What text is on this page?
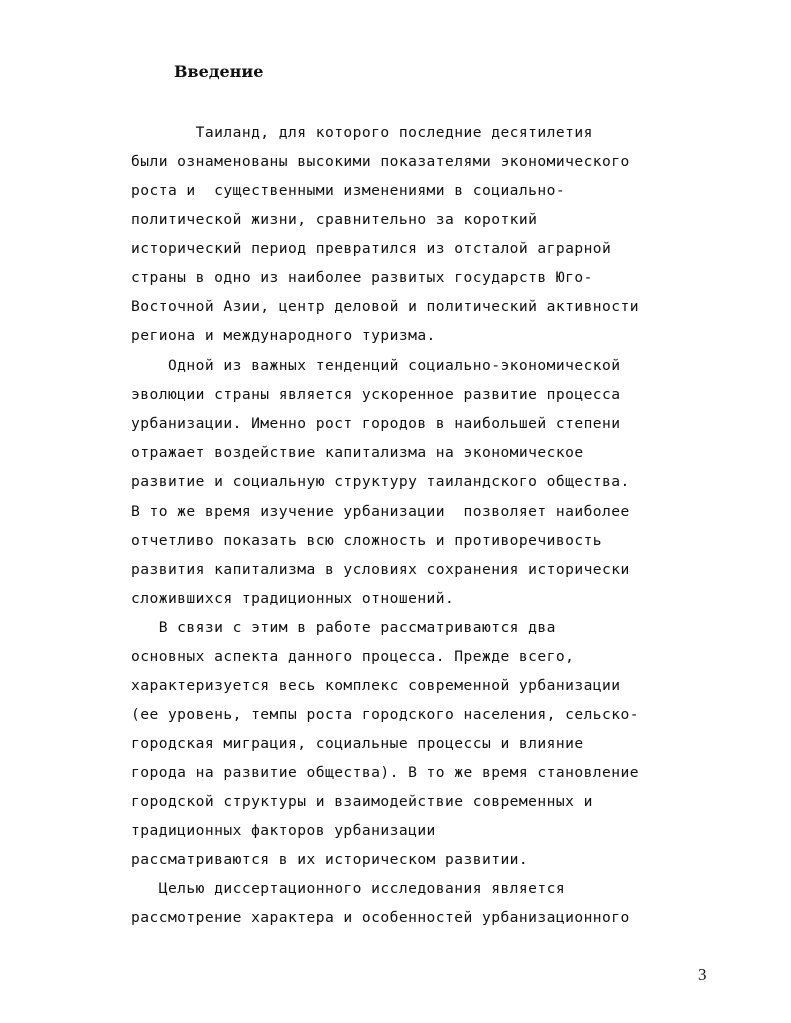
Введение
Таиланд, для которого последние десятилетия
были ознаменованы высокими показателями экономического
роста и  существенными изменениями в социально-
политической жизни, сравнительно за короткий
исторический период превратился из отсталой аграрной
страны в одно из наиболее развитых государств Юго-
Восточной Азии, центр деловой и политический активности
региона и международного туризма.
Одной из важных тенденций социально-экономической
эволюции страны является ускоренное развитие процесса
урбанизации. Именно рост городов в наибольшей степени
отражает воздействие капитализма на экономическое
развитие и социальную структуру таиландского общества.
В то же время изучение урбанизации  позволяет наиболее
отчетливо показать всю сложность и противоречивость
развития капитализма в условиях сохранения исторически
сложившихся традиционных отношений.
В связи с этим в работе рассматриваются два
основных аспекта данного процесса. Прежде всего,
характеризуется весь комплекс современной урбанизации
(ее уровень, темпы роста городского населения, сельско-
городская миграция, социальные процессы и влияние
города на развитие общества). В то же время становление
городской структуры и взаимодействие современных и
традиционных факторов урбанизации
рассматриваются в их историческом развитии.
Целью диссертационного исследования является
рассмотрение характера и особенностей урбанизационного
3
